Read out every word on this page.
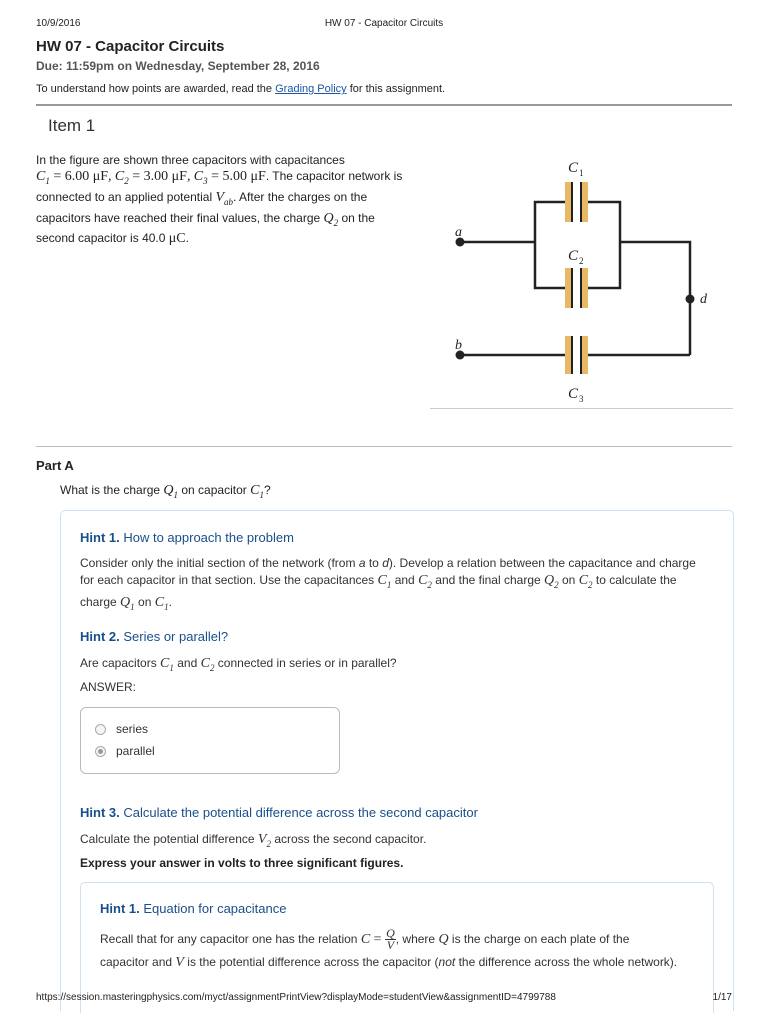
10/9/2016	HW 07 - Capacitor Circuits
HW 07 - Capacitor Circuits
Due: 11:59pm on Wednesday, September 28, 2016
To understand how points are awarded, read the Grading Policy for this assignment.
Item 1
In the figure are shown three capacitors with capacitances
$C_1 = 6.00$ μF, $C_2 = 3.00$ μF, $C_3 = 5.00$ μF. The capacitor network is connected to an applied potential $V_{ab}$. After the charges on the capacitors have reached their final values, the charge $Q_2$ on the second capacitor is 40.0 μC.	a
b
d
C 1
C 2
C 3
Part A
What is the charge $Q_1$ on capacitor $C_1$?
Hint 1. How to approach the problem
Consider only the initial section of the network (from a to d). Develop a relation between the capacitance and charge
for each capacitor in that section. Use the capacitances $C_1$ and $C_2$ and the final charge $Q_2$ on $C_2$ to calculate the
charge $Q_1$ on $C_1$.
Hint 2. Series or parallel?
Are capacitors $C_1$ and $C_2$ connected in series or in parallel?
ANSWER:
series
parallel
Hint 3. Calculate the potential difference across the second capacitor
Calculate the potential difference $V_2$ across the second capacitor.
Express your answer in volts to three significant figures.
Hint 1. Equation for capacitance
Recall that for any capacitor one has the relation $C = \frac{Q}{V}$ , where Q is the charge on each plate of the
capacitor and V is the potential difference across the capacitor (not the difference across the whole network).
https://session.masteringphysics.com/myct/assignmentPrintView?displayMode=studentView&assignmentID=4799788	1/17
